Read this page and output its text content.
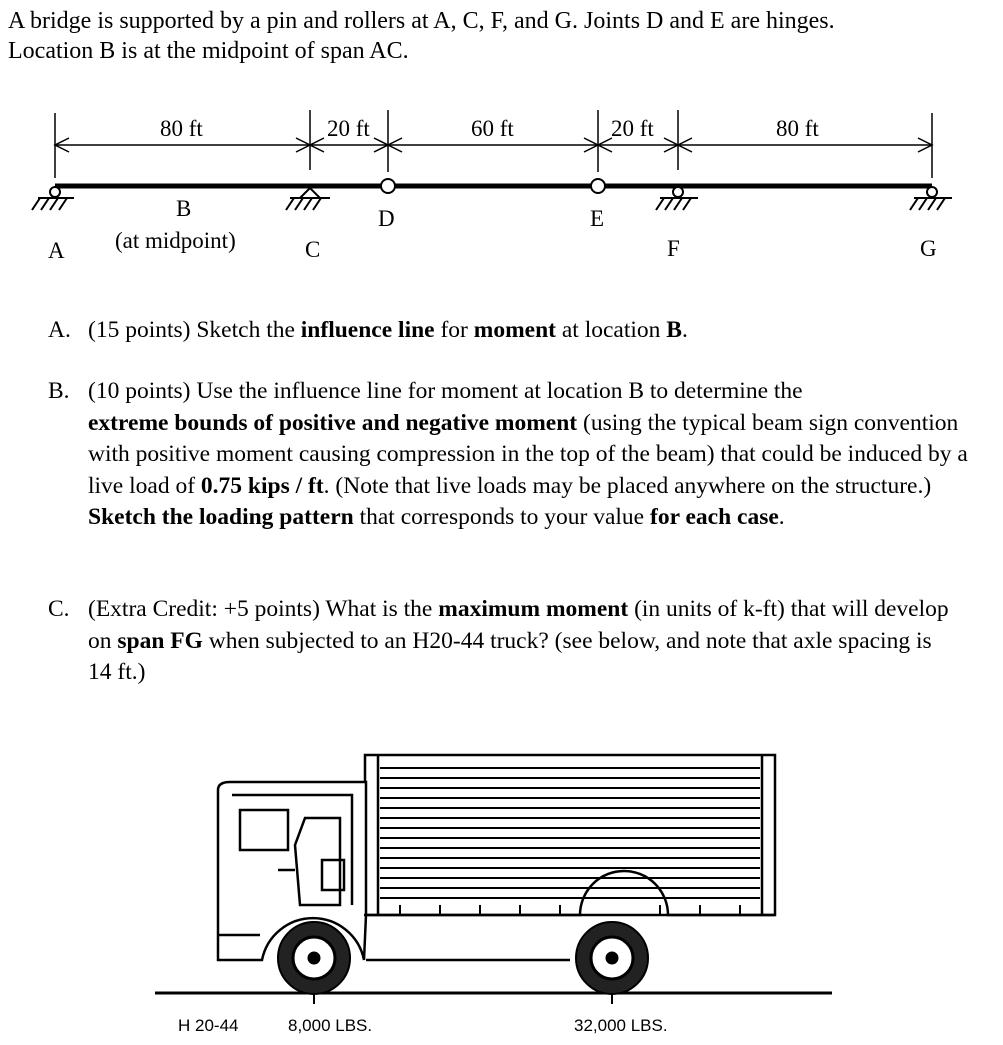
A bridge is supported by a pin and rollers at A, C, F, and G. Joints D and E are hinges.

Location B is at the midpoint of span AC.

80 ft	20 ft	60 ft	20 ft	80 ft
A
B
(at midpoint)	C
D	E
F	G
A. (15 points) Sketch the influence line for moment at location B.
B. (10 points) Use the influence line for moment at location B to determine the
extreme bounds of positive and negative moment (using the typical beam sign convention with positive moment causing compression in the top of the beam) that could be induced by a live load of 0.75 kips / ft. (Note that live loads may be placed anywhere on the structure.) Sketch the loading pattern that corresponds to your value for each case.
C. (Extra Credit: +5 points) What is the maximum moment (in units of k-ft) that will develop on span FG when subjected to an H20-44 truck? (see below, and note that axle spacing is 14 ft.)
H 20-44	8,000 LBS.	32,000 LBS.
